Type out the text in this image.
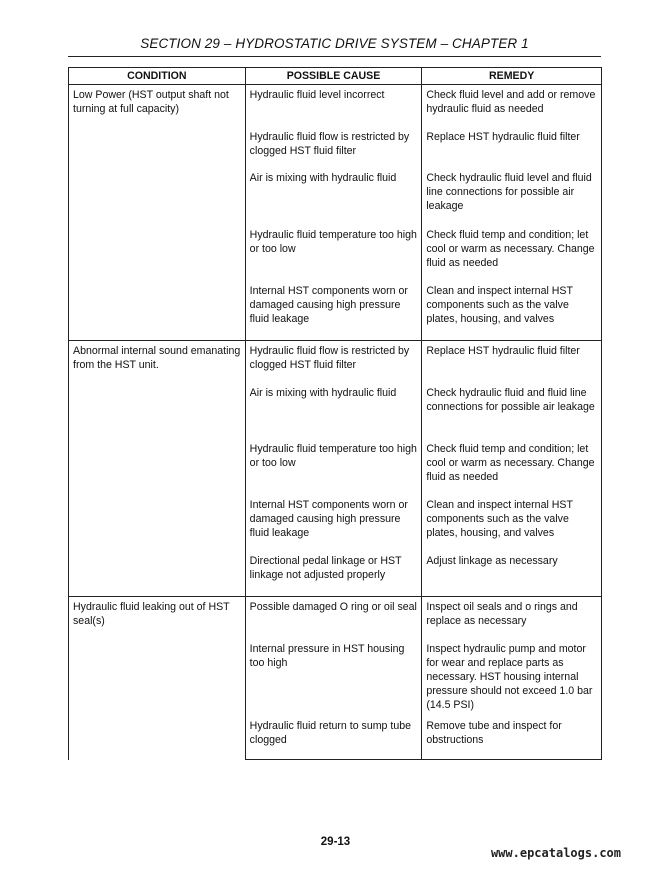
SECTION 29 – HYDROSTATIC DRIVE SYSTEM – CHAPTER 1
CONDITION	POSSIBLE CAUSE	REMEDY
Low Power (HST output shaft not turning at full capacity)	Hydraulic fluid level incorrect	Check fluid level and add or remove hydraulic fluid as needed
	Hydraulic fluid flow is restricted by clogged HST fluid filter	Replace HST hydraulic fluid filter
	Air is mixing with hydraulic fluid	Check hydraulic fluid level and fluid line connections for possible air leakage
	Hydraulic fluid temperature too high or too low	Check fluid temp and condition; let cool or warm as necessary. Change fluid as needed
	Internal HST components worn or damaged causing high pressure fluid leakage	Clean and inspect internal HST components such as the valve plates, housing, and valves
Abnormal internal sound emanating from the HST unit.	Hydraulic fluid flow is restricted by clogged HST fluid filter	Replace HST hydraulic fluid filter
	Air is mixing with hydraulic fluid	Check hydraulic fluid and fluid line connections for possible air leakage
	Hydraulic fluid temperature too high or too low	Check fluid temp and condition; let cool or warm as necessary. Change fluid as needed
	Internal HST components worn or damaged causing high pressure fluid leakage	Clean and inspect internal HST components such as the valve plates, housing, and valves
	Directional pedal linkage or HST linkage not adjusted properly	Adjust linkage as necessary
Hydraulic fluid leaking out of HST seal(s)	Possible damaged O ring or oil seal	Inspect oil seals and o rings and replace as necessary
	Internal pressure in HST housing too high	Inspect hydraulic pump and motor for wear and replace parts as necessary. HST housing internal pressure should not exceed 1.0 bar (14.5 PSI)
	Hydraulic fluid return to sump tube clogged	Remove tube and inspect for obstructions
29-13
www.epcatalogs.com
